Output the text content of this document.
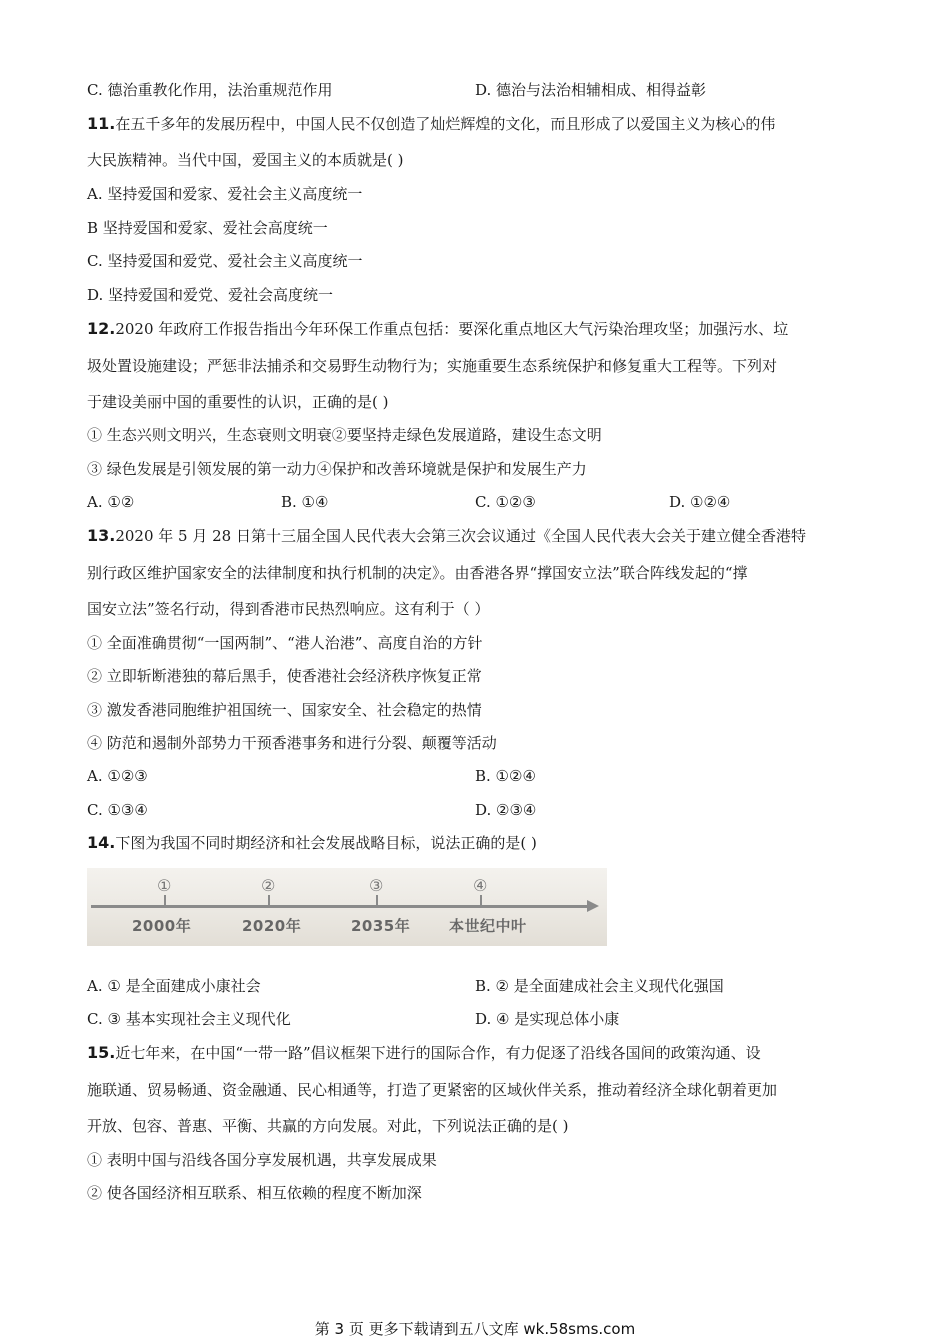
C. 德治重教化作用，法治重规范作用	D. 德治与法治相辅相成、相得益彰
11.在五千多年的发展历程中，中国人民不仅创造了灿烂辉煌的文化，而且形成了以爱国主义为核心的伟
大民族精神。当代中国，爱国主义的本质就是( )
A. 坚持爱国和爱家、爱社会主义高度统一
B 坚持爱国和爱家、爱社会高度统一
C. 坚持爱国和爱党、爱社会主义高度统一
D. 坚持爱国和爱党、爱社会高度统一
12.2020 年政府工作报告指出今年环保工作重点包括：要深化重点地区大气污染治理攻坚；加强污水、垃
圾处置设施建设；严惩非法捕杀和交易野生动物行为；实施重要生态系统保护和修复重大工程等。下列对
于建设美丽中国的重要性的认识，正确的是( )
① 生态兴则文明兴，生态衰则文明衰②要坚持走绿色发展道路，建设生态文明
③ 绿色发展是引领发展的第一动力④保护和改善环境就是保护和发展生产力
A. ①②	B. ①④	C. ①②③	D. ①②④
13.2020 年 5 月 28 日第十三届全国人民代表大会第三次会议通过《全国人民代表大会关于建立健全香港特
别行政区维护国家安全的法律制度和执行机制的决定》。由香港各界“撑国安立法”联合阵线发起的“撑
国安立法”签名行动，得到香港市民热烈响应。这有利于（ ）
① 全面准确贯彻“一国两制”、“港人治港”、高度自治的方针
② 立即斩断港独的幕后黑手，使香港社会经济秩序恢复正常
③ 激发香港同胞维护祖国统一、国家安全、社会稳定的热情
④ 防范和遏制外部势力干预香港事务和进行分裂、颠覆等活动
A. ①②③	B. ①②④
C. ①③④	D. ②③④
14.下图为我国不同时期经济和社会发展战略目标，说法正确的是( )
①
2000年
②
2020年
③
2035年
④
本世纪中叶
A. ① 是全面建成小康社会	B. ② 是全面建成社会主义现代化强国
C. ③ 基本实现社会主义现代化	D. ④ 是实现总体小康
15.近七年来，在中国“一带一路”倡议框架下进行的国际合作，有力促逐了沿线各国间的政策沟通、设
施联通、贸易畅通、资金融通、民心相通等，打造了更紧密的区域伙伴关系，推动着经济全球化朝着更加
开放、包容、普惠、平衡、共赢的方向发展。对此，下列说法正确的是( )
① 表明中国与沿线各国分享发展机遇，共享发展成果
② 使各国经济相互联系、相互依赖的程度不断加深
第 3 页 更多下载请到五八文库 wk.58sms.com
